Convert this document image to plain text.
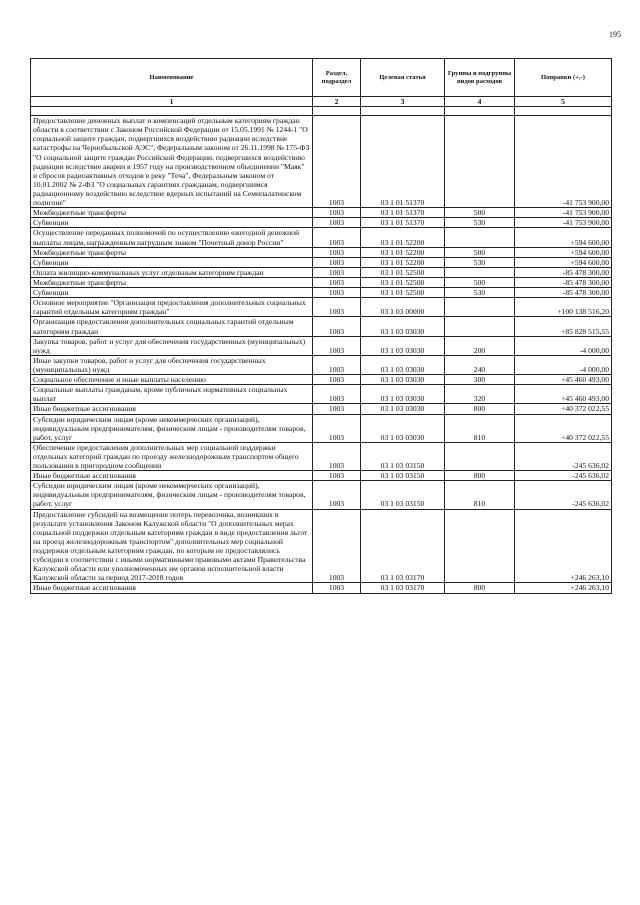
195
Наименование	Раздел, подраздел	Целевая статья	Группы и подгруппы видов расходов	Поправки (+,-)
1	2	3	4	5

Предоставление денежных выплат и компенсаций отдельным категориям граждан области в соответствии с Законом Российской Федерации от 15.05.1991 № 1244-1 "О социальной защите граждан, подвергшихся воздействию радиации вследствие катастрофы на Чернобыльской АЭС", Федеральным законом от 26.11.1998 № 175-ФЗ "О социальной защите граждан Российской Федерации, подвергшихся воздействию радиации вследствие аварии в 1957 году на производственном объединении "Маяк" и сбросов радиоактивных отходов в реку "Теча", Федеральным законом от 10.01.2002 № 2-ФЗ "О социальных гарантиях гражданам, подвергшимся радиационному воздействию вследствие ядерных испытаний на Семипалатинском полигоне"	1003	03 1 01 51370		-41 753 900,00
Межбюджетные трансферты	1003	03 1 01 51370	500	-41 753 900,00
Субвенции	1003	03 1 01 51370	530	-41 753 900,00
Осуществление переданных полномочий по осуществлению ежегодной денежной выплаты лицам, награжденным нагрудным знаком "Почетный донор России"	1003	03 1 01 52200		+594 600,00
Межбюджетные трансферты	1003	03 1 01 52200	500	+594 600,00
Субвенции	1003	03 1 01 52200	530	+594 600,00
Оплата жилищно-коммунальных услуг отдельным категориям граждан	1003	03 1 01 52500		-85 478 300,00
Межбюджетные трансферты	1003	03 1 01 52500	500	-85 478 300,00
Субвенции	1003	03 1 01 52500	530	-85 478 300,00
Основное мероприятие "Организация предоставления дополнительных социальных гарантий отдельным категориям граждан"	1003	03 1 03 00000		+100 138 516,20
Организация предоставления дополнительных социальных гарантий отдельным категориям граждан	1003	03 1 03 03030		+85 828 515,55
Закупка товаров, работ и услуг для обеспечения государственных (муниципальных) нужд	1003	03 1 03 03030	200	-4 000,00
Иные закупки товаров, работ и услуг для обеспечения государственных (муниципальных) нужд	1003	03 1 03 03030	240	-4 000,00
Социальное обеспечение и иные выплаты населению	1003	03 1 03 03030	300	+45 460 493,00
Социальные выплаты гражданам, кроме публичных нормативных социальных выплат	1003	03 1 03 03030	320	+45 460 493,00
Иные бюджетные ассигнования	1003	03 1 03 03030	800	+40 372 022,55
Субсидии юридическим лицам (кроме некоммерческих организаций), индивидуальным предпринимателям, физическим лицам - производителям товаров, работ, услуг	1003	03 1 03 03030	810	+40 372 022,55
Обеспечение предоставления дополнительных мер социальной поддержки отдельных категорий граждан по проезду железнодорожным транспортом общего пользования в пригородном сообщении	1003	03 1 03 03150		-245 636,02
Иные бюджетные ассигнования	1003	03 1 03 03150	800	-245 636,02
Субсидии юридическим лицам (кроме некоммерческих организаций), индивидуальным предпринимателям, физическим лицам - производителям товаров, работ, услуг	1003	03 1 03 03150	810	-245 636,02
Предоставление субсидий на возмещение потерь перевозчика, возникших в результате установления Законом Калужской области "О дополнительных мерах социальной поддержки отдельным категориям граждан в виде предоставления льгот на проезд железнодорожным транспортом" дополнительных мер социальной поддержки отдельным категориям граждан, по которым не предоставлялись субсидии в соответствии с иными нормативными правовыми актами Правительства Калужской области или уполномоченных им органов исполнительной власти Калужской области за период 2017-2018 годов	1003	03 1 03 03170		+246 263,10
Иные бюджетные ассигнования	1003	03 1 03 03170	800	+246 263,10
